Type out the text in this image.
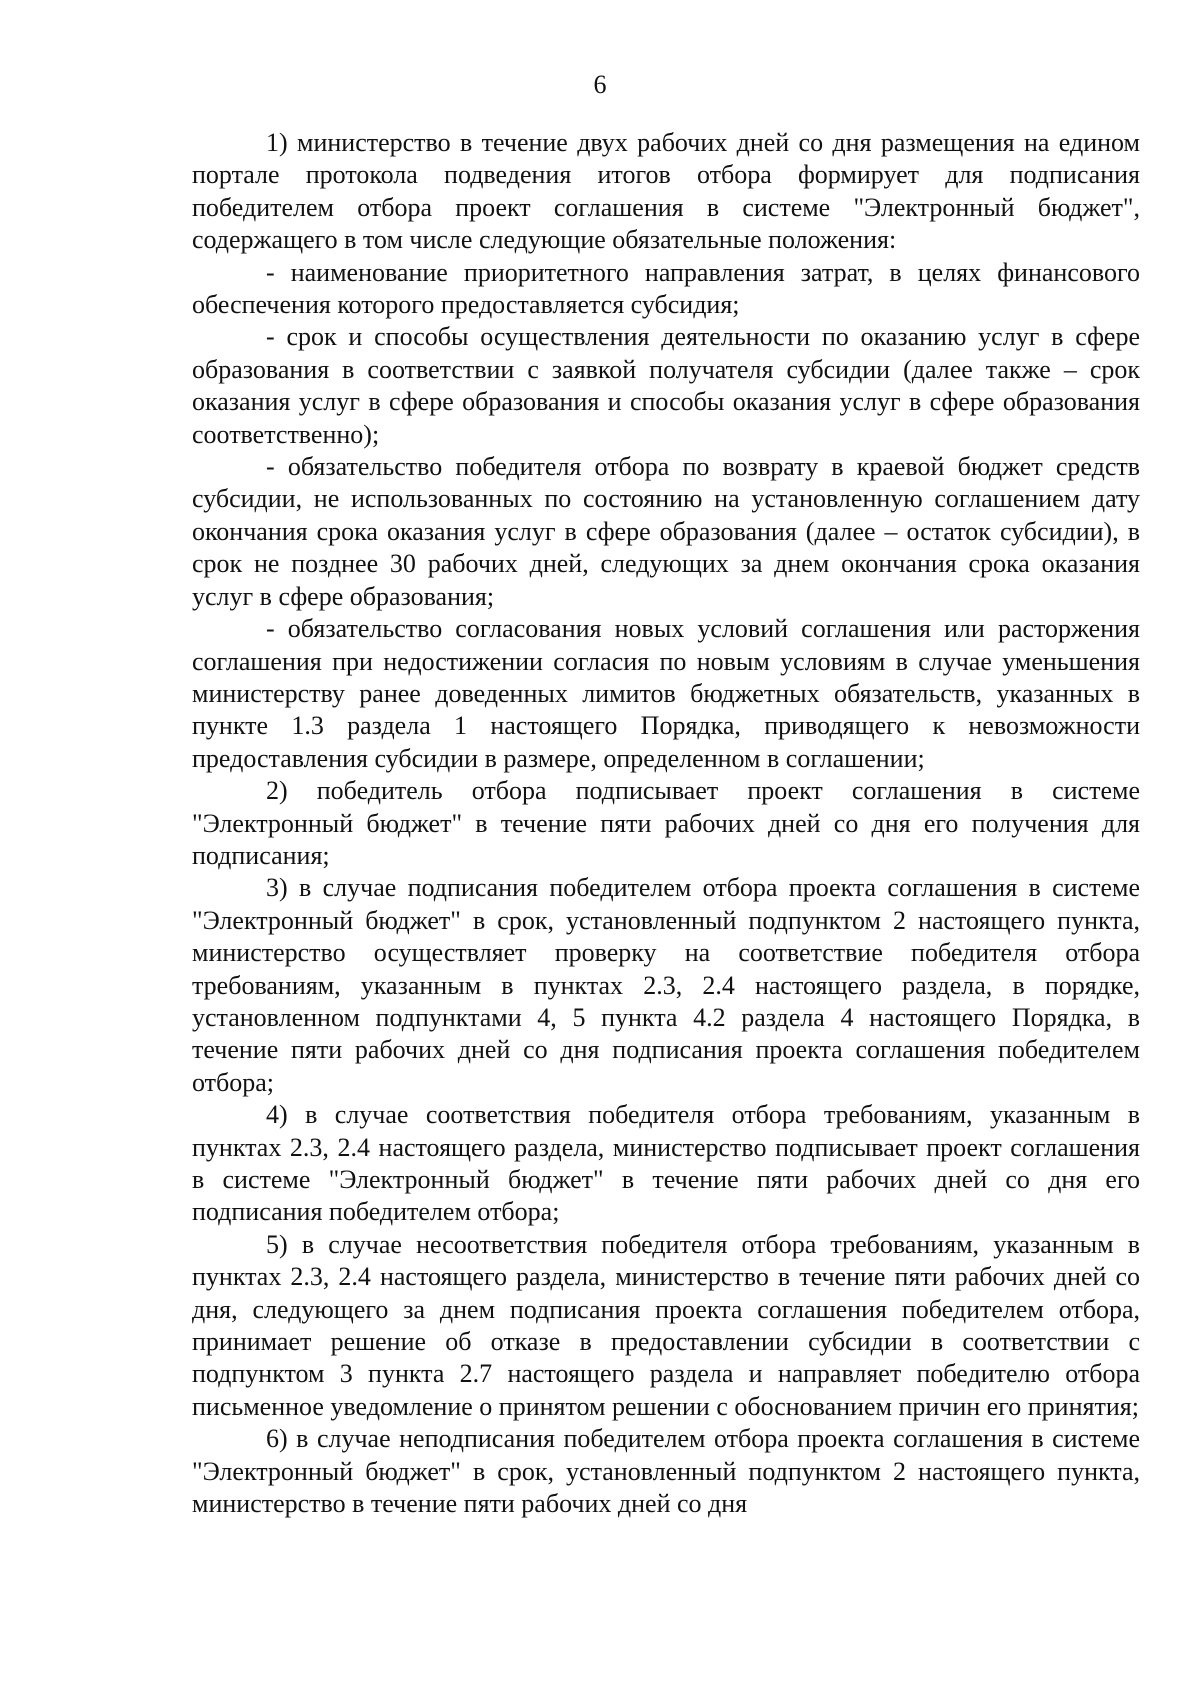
6

1) министерство в течение двух рабочих дней со дня размещения на едином портале протокола подведения итогов отбора формирует для подписания победителем отбора проект соглашения в системе "Электронный бюджет", содержащего в том числе следующие обязательные положения:

- наименование приоритетного направления затрат, в целях финансового обеспечения которого предоставляется субсидия;

- срок и способы осуществления деятельности по оказанию услуг в сфере образования в соответствии с заявкой получателя субсидии (далее также – срок оказания услуг в сфере образования и способы оказания услуг в сфере образования соответственно);

- обязательство победителя отбора по возврату в краевой бюджет средств субсидии, не использованных по состоянию на установленную соглашением дату окончания срока оказания услуг в сфере образования (далее – остаток субсидии), в срок не позднее 30 рабочих дней, следующих за днем окончания срока оказания услуг в сфере образования;

- обязательство согласования новых условий соглашения или расторжения соглашения при недостижении согласия по новым условиям в случае уменьшения министерству ранее доведенных лимитов бюджетных обязательств, указанных в пункте 1.3 раздела 1 настоящего Порядка, приводящего к невозможности предоставления субсидии в размере, определенном в соглашении;

2) победитель отбора подписывает проект соглашения в системе "Электронный бюджет" в течение пяти рабочих дней со дня его получения для подписания;

3) в случае подписания победителем отбора проекта соглашения в системе "Электронный бюджет" в срок, установленный подпунктом 2 настоящего пункта, министерство осуществляет проверку на соответствие победителя отбора требованиям, указанным в пунктах 2.3, 2.4 настоящего раздела, в порядке, установленном подпунктами 4, 5 пункта 4.2 раздела 4 настоящего Порядка, в течение пяти рабочих дней со дня подписания проекта соглашения победителем отбора;

4) в случае соответствия победителя отбора требованиям, указанным в пунктах 2.3, 2.4 настоящего раздела, министерство подписывает проект соглашения в системе "Электронный бюджет" в течение пяти рабочих дней со дня его подписания победителем отбора;

5) в случае несоответствия победителя отбора требованиям, указанным в пунктах 2.3, 2.4 настоящего раздела, министерство в течение пяти рабочих дней со дня, следующего за днем подписания проекта соглашения победителем отбора, принимает решение об отказе в предоставлении субсидии в соответствии с подпунктом 3 пункта 2.7 настоящего раздела и направляет победителю отбора письменное уведомление о принятом решении с обоснованием причин его принятия;

6) в случае неподписания победителем отбора проекта соглашения в системе "Электронный бюджет" в срок, установленный подпунктом 2 настоящего пункта, министерство в течение пяти рабочих дней со дня
